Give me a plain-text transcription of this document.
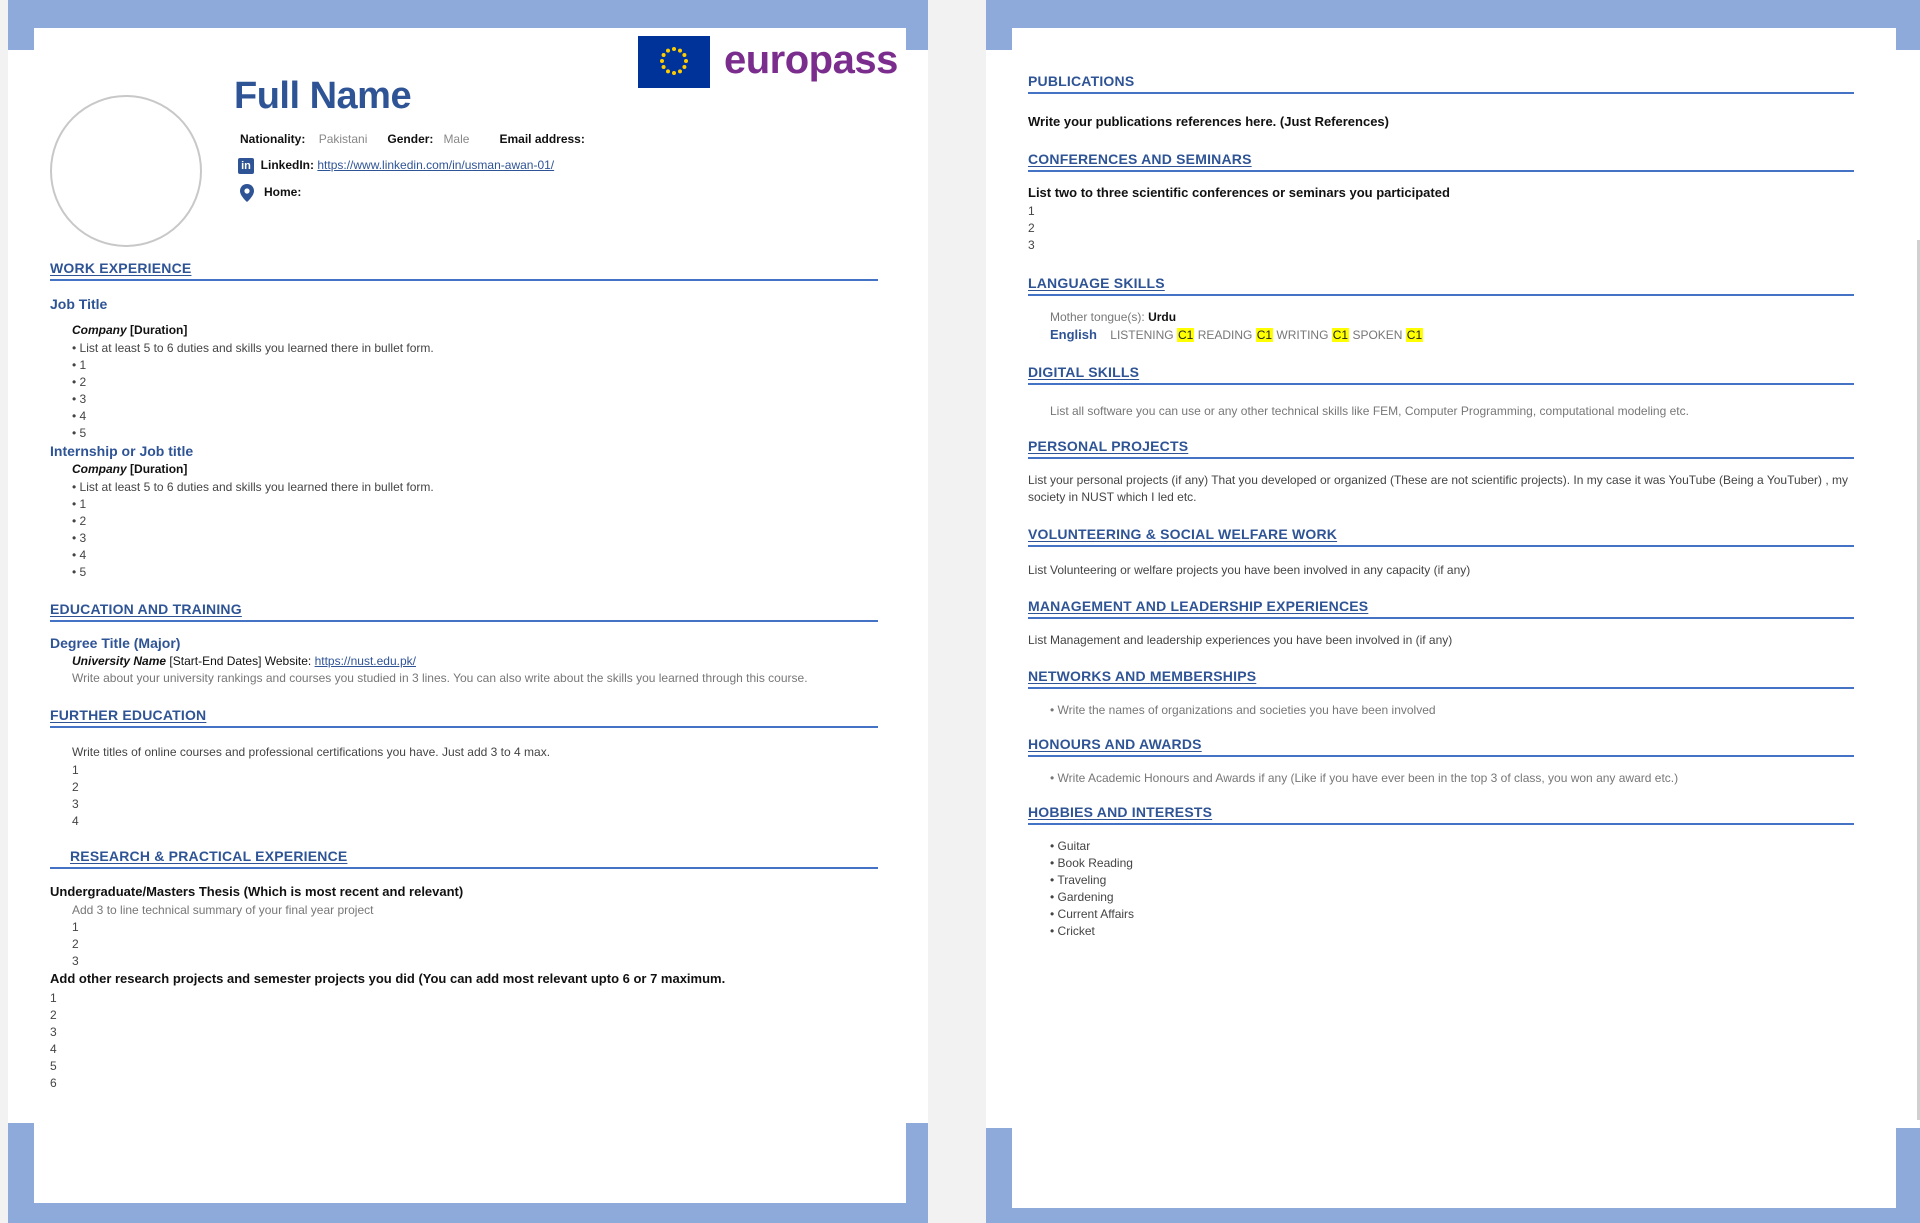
europass
Full Name
Nationality: Pakistani Gender: Male	Email address:
in LinkedIn: https://www.linkedin.com/in/usman-awan-01/
Home:
WORK EXPERIENCE
Job Title
Company [Duration]
• List at least 5 to 6 duties and skills you learned there in bullet form.
• 1
• 2
• 3
• 4
• 5
Internship or Job title
Company [Duration]
• List at least 5 to 6 duties and skills you learned there in bullet form.
• 1
• 2
• 3
• 4
• 5
EDUCATION AND TRAINING
Degree Title (Major)
University Name [Start-End Dates] Website: https://nust.edu.pk/
Write about your university rankings and courses you studied in 3 lines. You can also write about the skills you learned through this course.
FURTHER EDUCATION
Write titles of online courses and professional certifications you have. Just add 3 to 4 max.
1
2
3
4
RESEARCH & PRACTICAL EXPERIENCE
Undergraduate/Masters Thesis (Which is most recent and relevant)
Add 3 to line technical summary of your final year project
1
2
3
Add other research projects and semester projects you did (You can add most relevant upto 6 or 7 maximum.
1
2
3
4
5
6
PUBLICATIONS
Write your publications references here. (Just References)
CONFERENCES AND SEMINARS
List two to three scientific conferences or seminars you participated
1
2
3
LANGUAGE SKILLS
Mother tongue(s): Urdu
English LISTENING C1 READING C1 WRITING C1 SPOKEN C1
DIGITAL SKILLS
List all software you can use or any other technical skills like FEM, Computer Programming, computational modeling etc.
PERSONAL PROJECTS
List your personal projects (if any) That you developed or organized (These are not scientific projects). In my case it was YouTube (Being a YouTuber) , my society in NUST which I led etc.
VOLUNTEERING & SOCIAL WELFARE WORK
List Volunteering or welfare projects you have been involved in any capacity (if any)
MANAGEMENT AND LEADERSHIP EXPERIENCES
List Management and leadership experiences you have been involved in (if any)
NETWORKS AND MEMBERSHIPS
• Write the names of organizations and societies you have been involved
HONOURS AND AWARDS
• Write Academic Honours and Awards if any (Like if you have ever been in the top 3 of class, you won any award etc.)
HOBBIES AND INTERESTS
• Guitar
• Book Reading
• Traveling
• Gardening
• Current Affairs
• Cricket
